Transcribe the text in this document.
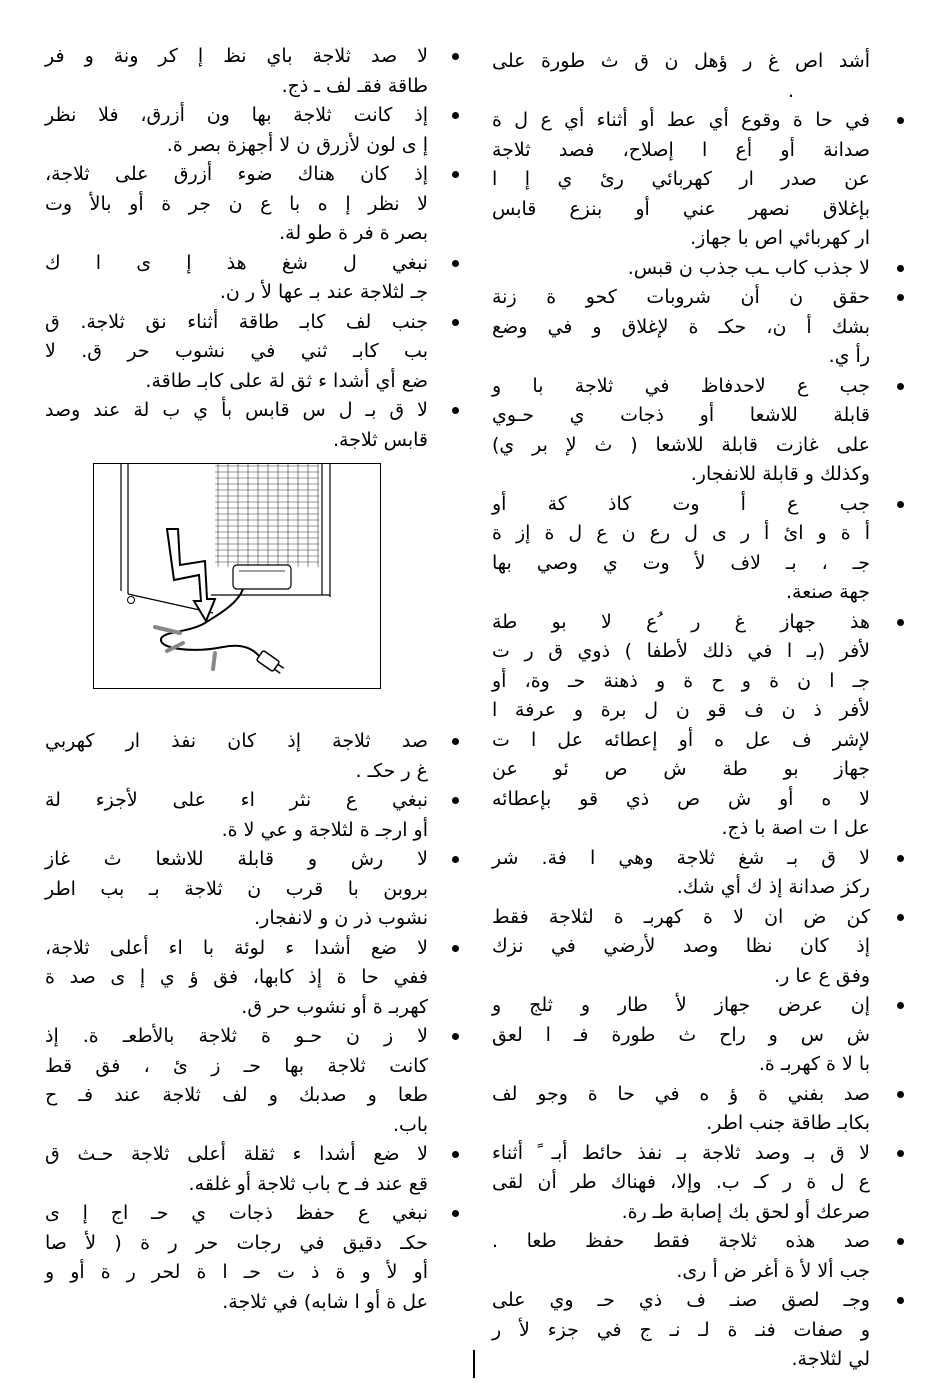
أشد اص غ ر ؤهل ن ق ث طورة على
.
في حا ة وقوع أي عط أو أثناء أي ع ل ة
صدانة أو أع ا إصلاح، فصد ثلاجة
عن صدر ار كهربائي رئ ي إ ا
بإغلاق نصهر عني أو بنزع قابس
ار كهربائي اص با جهاز.
لا جذب كاب ـب جذب ن قبس.
حقق ن أن شروبات كحو ة زنة
بشك أ ن، حكـ ة لإغلاق و في وضع
رأ ي.
جب ع لاحدفاظ في ثلاجة با و
قابلة للاشعا أو ذجات ي حـوي
على غازت قابلة للاشعا ( ث لإ بر ي)
وكذلك و قابلة للانفجار.
جب ع أ وت كاذ كة أو
أ ة و ائ أ ر ى ل رع ن ع ل ة إز ة
جـ ، بـ لاف لأ وت ي وصي بها
جهة صنعة.
هذ جهاز غ ر ُع لا بو طة
لأفر (بـ ا في ذلك لأطفا ) ذوي ق ر ت
جـ ا ن ة و ح ة و ذهنة حـ وة، أو
لأفر ذ ن ف قو ن ل برة و عرفة ا
لإشر ف عل ه أو إعطائه عل ا ت
جهاز بو طة ش ص ئو عن
لا ه أو ش ص ذي قو بإعطائه
عل ا ت اصة با ذج.
لا ق بـ شغ ثلاجة وهي ا فة. شر
ركز صدانة إذ ك أي شك.
كن ض ان لا ة كهربـ ة لثلاجة فقط
إذ كان نظا وصد لأرضي في نزك
وفق ع عا ر.
إن عرض جهاز لأ طار و ثلج و
ش س و راح ث طورة فـ ا لعق
با لا ة كهربـ ة.
صد بفني ة ؤ ه في حا ة وجو لف
بكابـ طاقة جنب اطر.
لا ق بـ وصد ثلاجة بـ نفذ حائط أبـ ً أثناء
ع ل ة ر كـ ب. وإلا، فهناك طر أن لقى
صرعك أو لحق بك إصابة طـ رة.
صد هذه ثلاجة فقط حفظ طعا .
جب ألا لأ ة أغر ض أ رى.
وجـ لصق صنـ ف ذي حـ وي على
و صفات فنـ ة لـ نـ ج في جزء لأ ر
لي لثلاجة.
لا صد ثلاجة باي نظ إ كر ونة و فر
طاقة فقـ لف ـ ذج.
إذ كانت ثلاجة بها ون أزرق، فلا نظر
إ ى لون لأزرق ن لا أجهزة بصر ة.
إذ كان هناك ضوء أزرق على ثلاجة،
لا نظر إ ه با ع ن جر ة أو بالأ وت
بصر ة فر ة طو لة.
نبغي ل شغ هذ إ ى ا ك
جـ لثلاجة عند بـ عها لأ ر ن.
جنب لف كابـ طاقة أثناء نق ثلاجة. ق
بب كابـ ثني في نشوب حر ق. لا
ضع أي أشدا ء ثق لة على كابـ طاقة.
لا ق بـ ل س قابس بأ ي ب لة عند وصد
قابس ثلاجة.
صد ثلاجة إذ كان نفذ ار كهربي
غ ر حكـ .
نبغي ع نثر اء على لأجزء لة
أو ارجـ ة لثلاجة و عي لا ة.
لا رش و قابلة للاشعا ث غاز
بروبن با قرب ن ثلاجة بـ بب اطر
نشوب ذر ن و لانفجار.
لا ضع أشدا ء لوئة با اء أعلى ثلاجة،
ففي حا ة إذ كابها، فق ؤ ي إ ى صد ة
كهربـ ة أو نشوب حر ق.
لا ز ن حـو ة ثلاجة بالأطعـ ة. إذ
كانت ثلاجة بها حـ ز ئ ، فق قط
طعا و صدبك و لف ثلاجة عند فـ ح
باب.
لا ضع أشدا ء ثقلة أعلى ثلاجة حـث ق
قع عند فـ ح باب ثلاجة أو غلقه.
نبغي ع حفظ ذجات ي حـ اج إ ى
حكـ دقيق في رجات حر ر ة ( لأ صا
أو لأ و ة ذ ت حـ ا ة لحر ر ة أو و
عل ة أو ا شابه) في ثلاجة.
